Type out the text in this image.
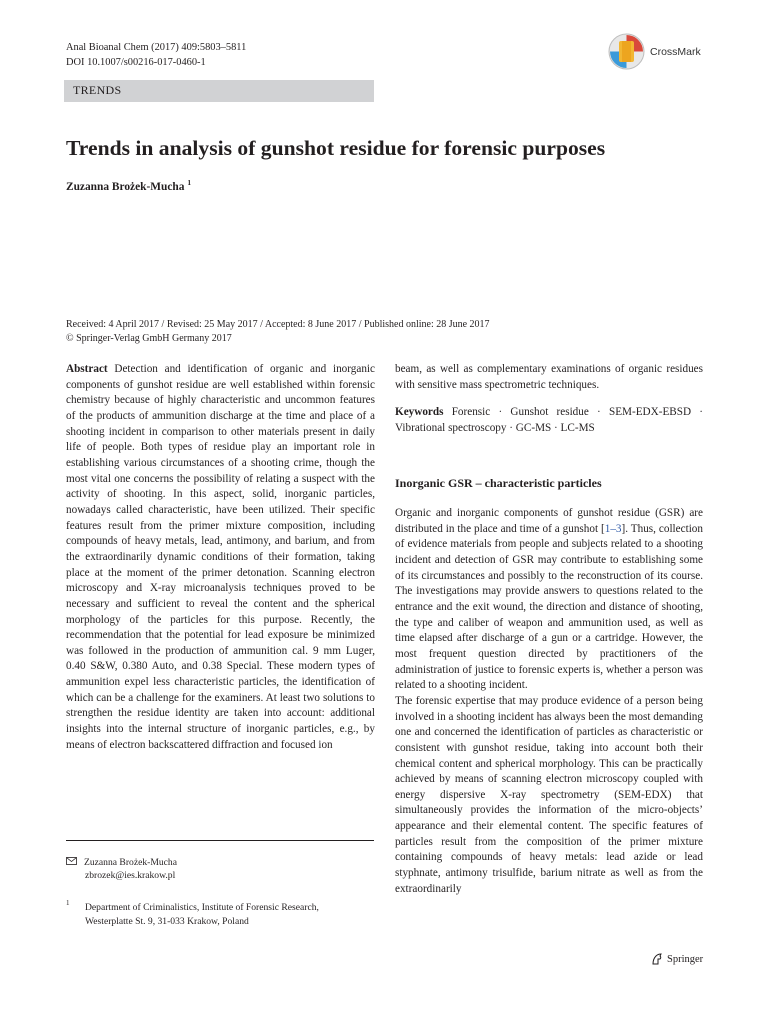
Anal Bioanal Chem (2017) 409:5803–5811
DOI 10.1007/s00216-017-0460-1
CrossMark
TRENDS
Trends in analysis of gunshot residue for forensic purposes
Zuzanna Brożek-Mucha $^1$
Received: 4 April 2017 / Revised: 25 May 2017 / Accepted: 8 June 2017 / Published online: 28 June 2017
© Springer-Verlag GmbH Germany 2017

Abstract Detection and identification of organic and inorganic components of gunshot residue are well established within forensic chemistry because of highly characteristic and uncommon features of the products of ammunition discharge at the time and place of a shooting incident in comparison to other materials present in daily life of people. Both types of residue play an important role in establishing various circumstances of a shooting crime, though the most vital one concerns the possibility of relating a suspect with the activity of shooting. In this aspect, solid, inorganic particles, nowadays called characteristic, have been utilized. Their specific features result from the primer mixture composition, including compounds of heavy metals, lead, antimony, and barium, and from the extraordinarily dynamic conditions of their formation, taking place at the moment of the primer detonation. Scanning electron microscopy and X-ray microanalysis techniques proved to be necessary and sufficient to reveal the content and the spherical morphology of the particles for this purpose. Recently, the recommendation that the potential for lead exposure be minimized was followed in the production of ammunition cal. 9 mm Luger, 0.40 S&W, 0.380 Auto, and 0.38 Special. These modern types of ammunition expel less characteristic particles, the identification of which can be a challenge for the examiners. At least two solutions to strengthen the residue identity are taken into account: additional insights into the internal structure of inorganic particles, e.g., by means of electron backscattered diffraction and focused ion

beam, as well as complementary examinations of organic residues with sensitive mass spectrometric techniques.

Keywords Forensic · Gunshot residue · SEM-EDX-EBSD · Vibrational spectroscopy · GC-MS · LC-MS

Inorganic GSR – characteristic particles

Organic and inorganic components of gunshot residue (GSR) are distributed in the place and time of a gunshot [1–3]. Thus, collection of evidence materials from people and subjects related to a shooting incident and detection of GSR may contribute to establishing some of its circumstances and possibly to the reconstruction of its course. The investigations may provide answers to questions related to the entrance and the exit wound, the direction and distance of shooting, the type and caliber of weapon and ammunition used, as well as time elapsed after discharge of a gun or a cartridge. However, the most frequent question directed by practitioners of the administration of justice to forensic experts is, whether a person was related to a shooting incident.

The forensic expertise that may produce evidence of a person being involved in a shooting incident has always been the most demanding one and concerned the identification of particles as characteristic or consistent with gunshot residue, taking into account both their chemical content and spherical morphology. This can be practically achieved by means of scanning electron microscopy coupled with energy dispersive X-ray spectrometry (SEM-EDX) that simultaneously provides the information of the micro-objects’ appearance and their elemental content. The specific features of particles result from the composition of the primer mixture containing compounds of heavy metals: lead azide or lead styphnate, antimony trisulfide, barium nitrate as well as from the extraordinarily

Zuzanna Brożek-Mucha
zbrozek@ies.krakow.pl
1 Department of Criminalistics, Institute of Forensic Research,
Westerplatte St. 9, 31-033 Krakow, Poland
Springer
